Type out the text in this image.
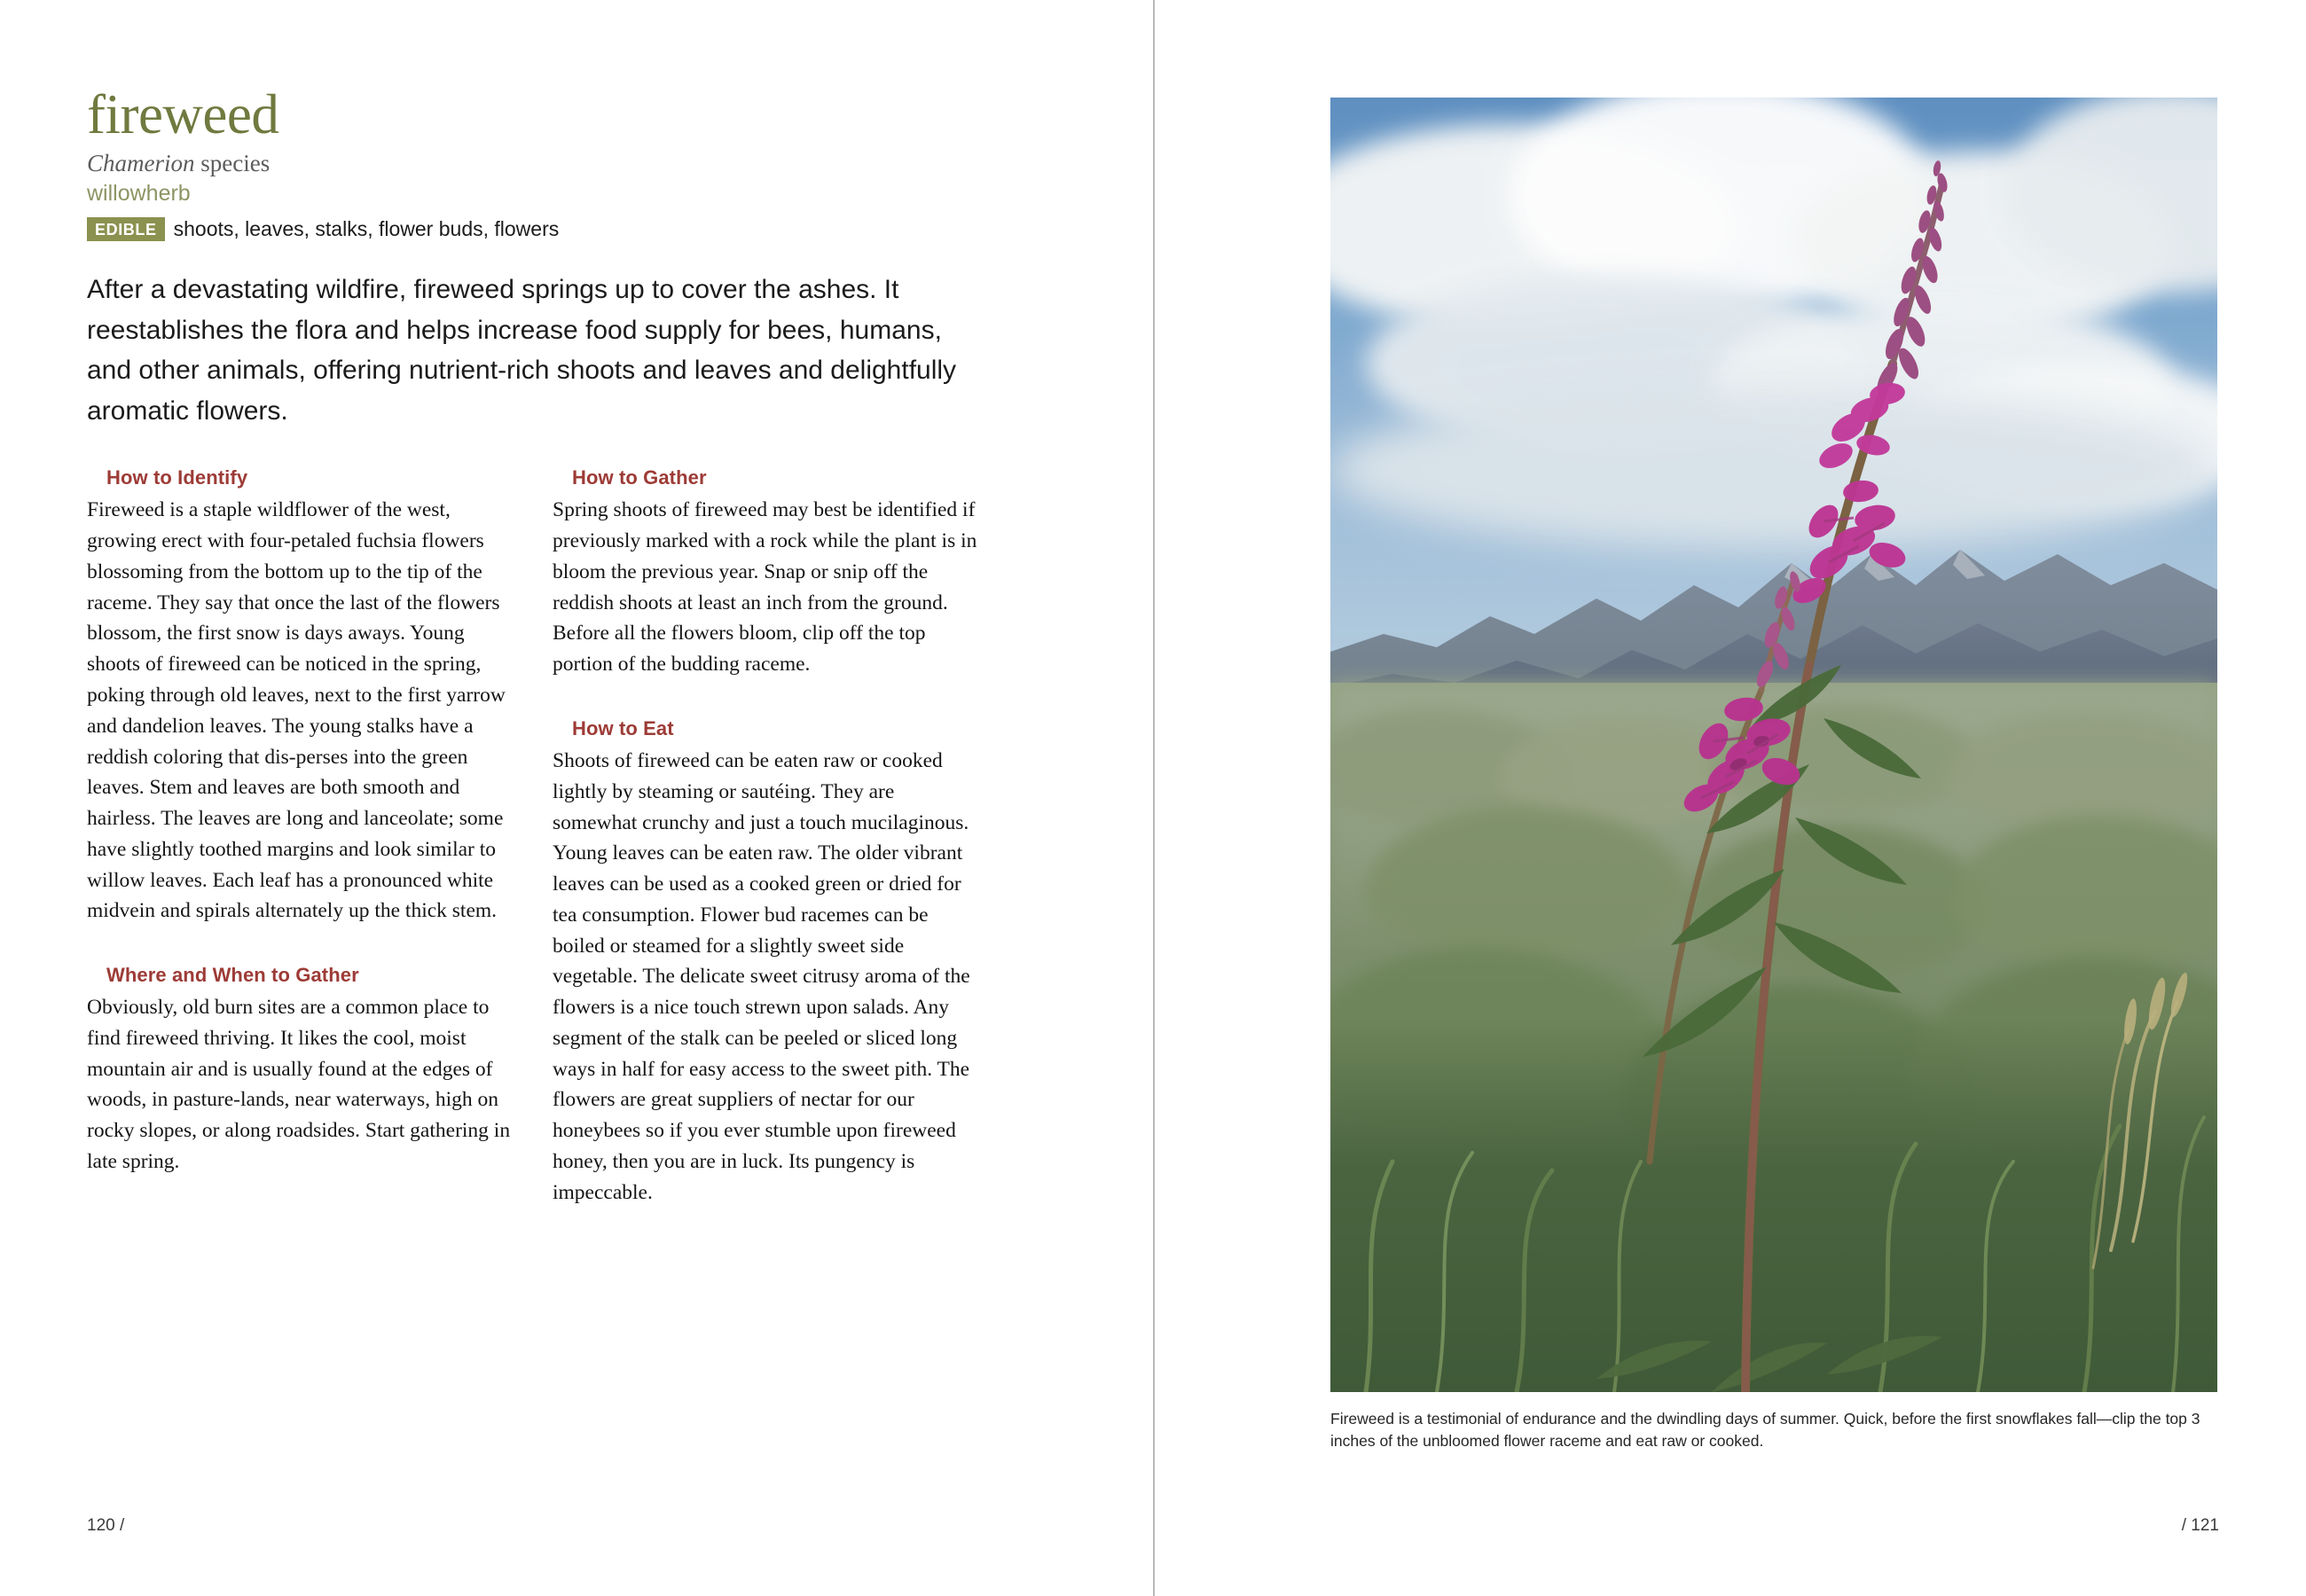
fireweed
Chamerion species
willowherb
EDIBLE shoots, leaves, stalks, flower buds, flowers

After a devastating wildfire, fireweed springs up to cover the ashes. It reestablishes the flora and helps increase food supply for bees, humans, and other animals, offering nutrient-rich shoots and leaves and delightfully aromatic flowers.

How to Identify

Fireweed is a staple wildflower of the west, growing erect with four-petaled fuchsia flowers blossoming from the bottom up to the tip of the raceme. They say that once the last of the flowers blossom, the first snow is days aways. Young shoots of fireweed can be noticed in the spring, poking through old leaves, next to the first yarrow and dandelion leaves. The young stalks have a reddish coloring that dis-perses into the green leaves. Stem and leaves are both smooth and hairless. The leaves are long and lanceolate; some have slightly toothed margins and look similar to willow leaves. Each leaf has a pronounced white midvein and spirals alternately up the thick stem.

Where and When to Gather

Obviously, old burn sites are a common place to find fireweed thriving. It likes the cool, moist mountain air and is usually found at the edges of woods, in pasture-lands, near waterways, high on rocky slopes, or along roadsides. Start gathering in late spring.

How to Gather

Spring shoots of fireweed may best be identified if previously marked with a rock while the plant is in bloom the previous year. Snap or snip off the reddish shoots at least an inch from the ground. Before all the flowers bloom, clip off the top portion of the budding raceme.

How to Eat

Shoots of fireweed can be eaten raw or cooked lightly by steaming or sautéing. They are somewhat crunchy and just a touch mucilaginous. Young leaves can be eaten raw. The older vibrant leaves can be used as a cooked green or dried for tea consumption. Flower bud racemes can be boiled or steamed for a slightly sweet side vegetable. The delicate sweet citrusy aroma of the flowers is a nice touch strewn upon salads. Any segment of the stalk can be peeled or sliced long ways in half for easy access to the sweet pith. The flowers are great suppliers of nectar for our honeybees so if you ever stumble upon fireweed honey, then you are in luck. Its pungency is impeccable.

120 /
Fireweed is a testimonial of endurance and the dwindling days of summer. Quick, before the first snowflakes fall—clip the top 3 inches of the unbloomed flower raceme and eat raw or cooked.
/ 121
